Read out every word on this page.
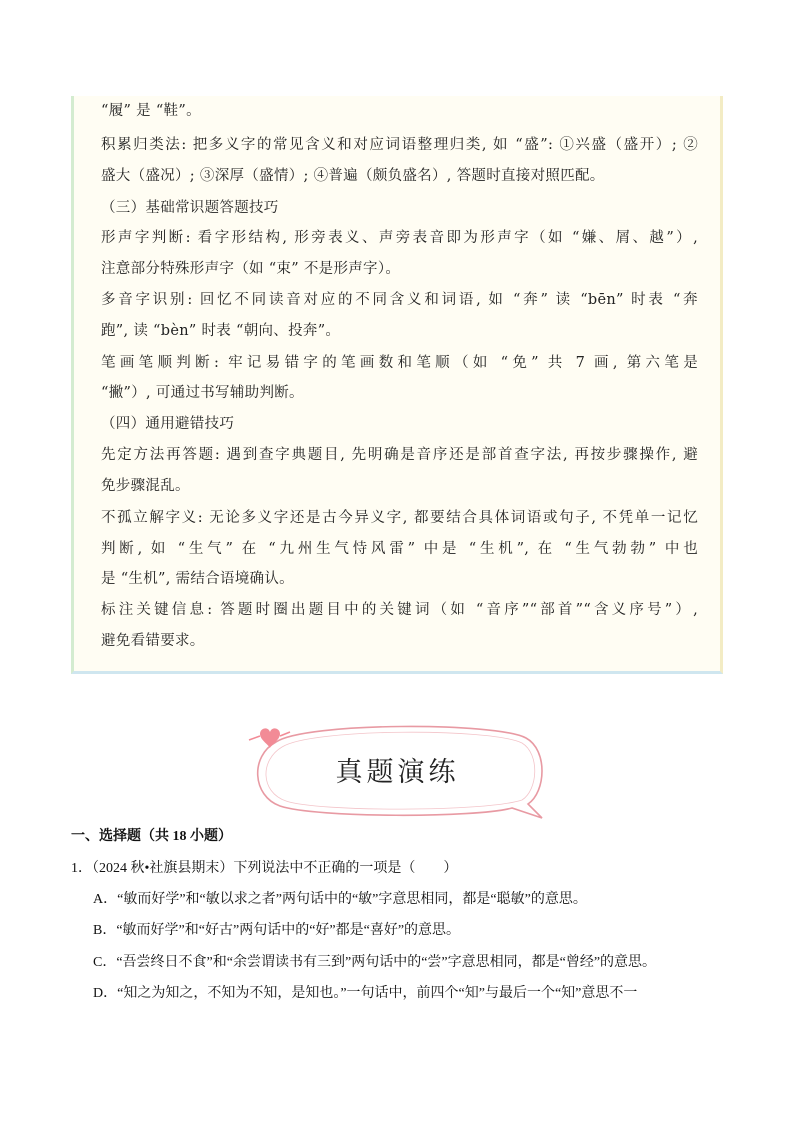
“履” 是 “鞋”。
积累归类法: 把多义字的常见含义和对应词语整理归类, 如 “盛”: ①兴盛（盛开）; ②
盛大（盛况）; ③深厚（盛情）; ④普遍（颇负盛名）, 答题时直接对照匹配。
（三）基础常识题答题技巧
形声字判断: 看字形结构, 形旁表义、声旁表音即为形声字（如 “嫌、屑、越”）,
注意部分特殊形声字（如 “束” 不是形声字）。
多音字识别: 回忆不同读音对应的不同含义和词语, 如 “奔” 读 “bēn” 时表 “奔
跑”, 读 “bèn” 时表 “朝向、投奔”。
笔画笔顺判断: 牢记易错字的笔画数和笔顺（如 “免” 共 7 画, 第六笔是
“撇”）, 可通过书写辅助判断。
（四）通用避错技巧
先定方法再答题: 遇到查字典题目, 先明确是音序还是部首查字法, 再按步骤操作, 避
免步骤混乱。
不孤立解字义: 无论多义字还是古今异义字, 都要结合具体词语或句子, 不凭单一记忆
判断, 如 “生气” 在 “九州生气恃风雷” 中是 “生机”, 在 “生气勃勃” 中也
是 “生机”, 需结合语境确认。
标注关键信息: 答题时圈出题目中的关键词（如 “音序”“部首”“含义序号”）,
避免看错要求。
真题演练
一、选择题（共 18 小题）
1．（2024 秋•社旗县期末）下列说法中不正确的一项是（　　）
A．“敏而好学”和“敏以求之者”两句话中的“敏”字意思相同，都是“聪敏”的意思。
B．“敏而好学”和“好古”两句话中的“好”都是“喜好”的意思。
C．“吾尝终日不食”和“余尝谓读书有三到”两句话中的“尝”字意思相同，都是“曾经”的意思。
D．“知之为知之，不知为不知，是知也。”一句话中，前四个“知”与最后一个“知”意思不一
